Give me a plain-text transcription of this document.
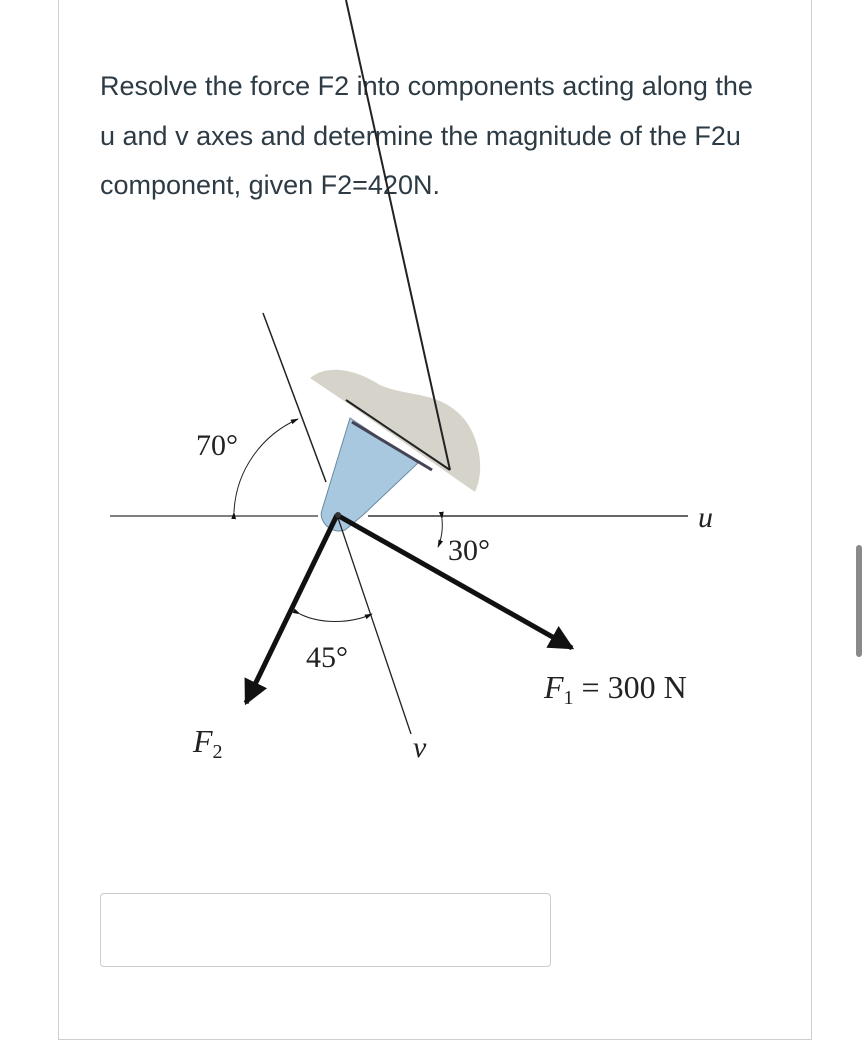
Resolve the force F2 into components acting along the u and v axes and determine the magnitude of the F2u component, given F2=420N.
70°
30°
45°
u
v
F1 = 300 N
F2
